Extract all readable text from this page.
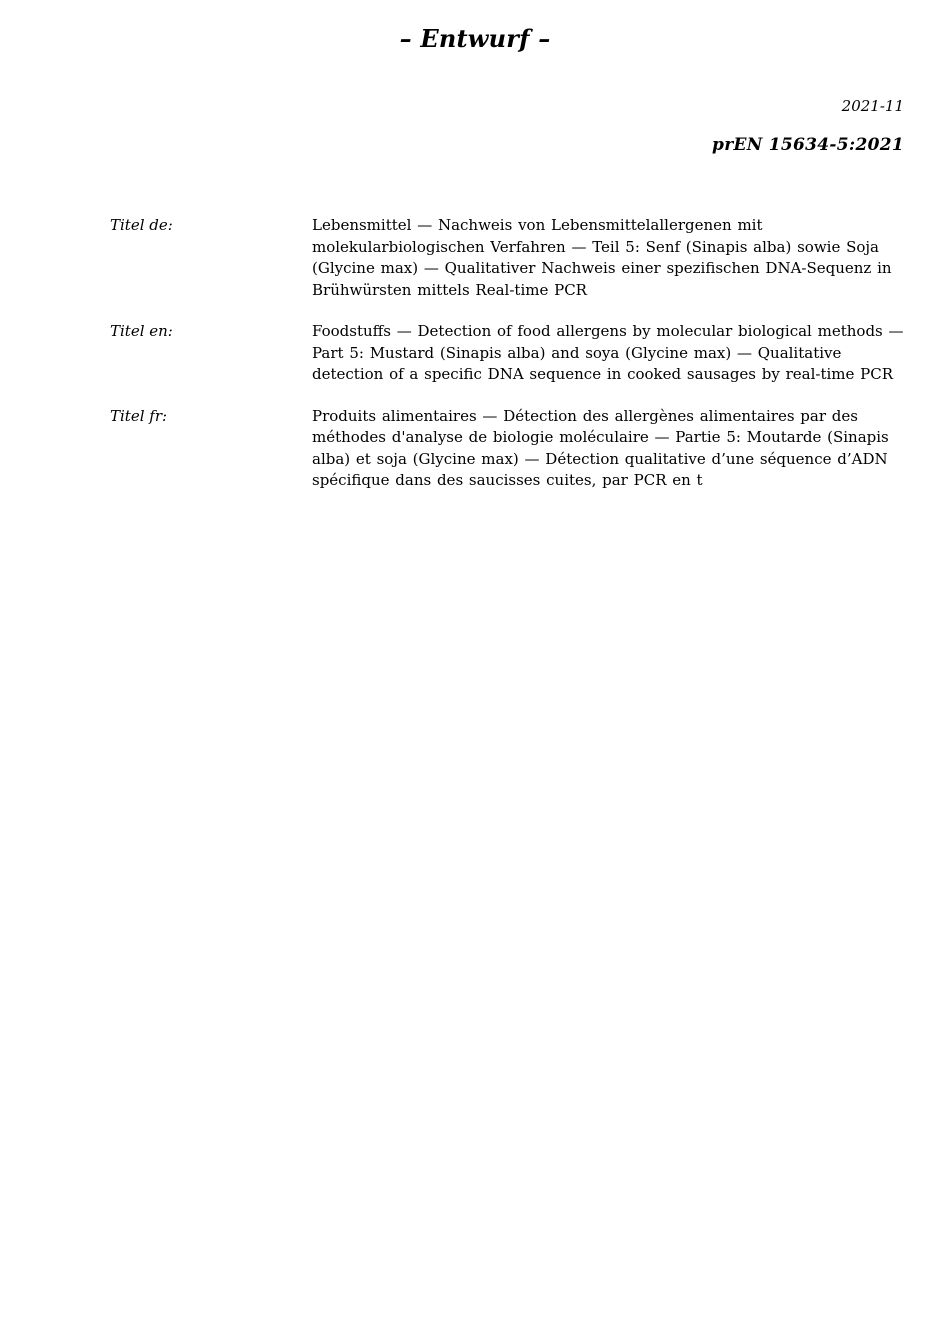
– Entwurf –
2021-11
prEN 15634-5:2021
Titel de:	Lebensmittel — Nachweis von Lebensmittelallergenen mit molekularbiologischen Verfahren — Teil 5: Senf (Sinapis alba) sowie Soja (Glycine max) — Qualitativer Nachweis einer spezifischen DNA-Sequenz in Brühwürsten mittels Real-time PCR
Titel en:	Foodstuffs — Detection of food allergens by molecular biological methods — Part 5: Mustard (Sinapis alba) and soya (Glycine max) — Qualitative detection of a specific DNA sequence in cooked sausages by real-time PCR
Titel fr:	Produits alimentaires — Détection des allergènes alimentaires par des méthodes d'analyse de biologie moléculaire — Partie 5: Moutarde (Sinapis alba) et soja (Glycine max) — Détection qualitative d’une séquence d’ADN spécifique dans des saucisses cuites, par PCR en t
